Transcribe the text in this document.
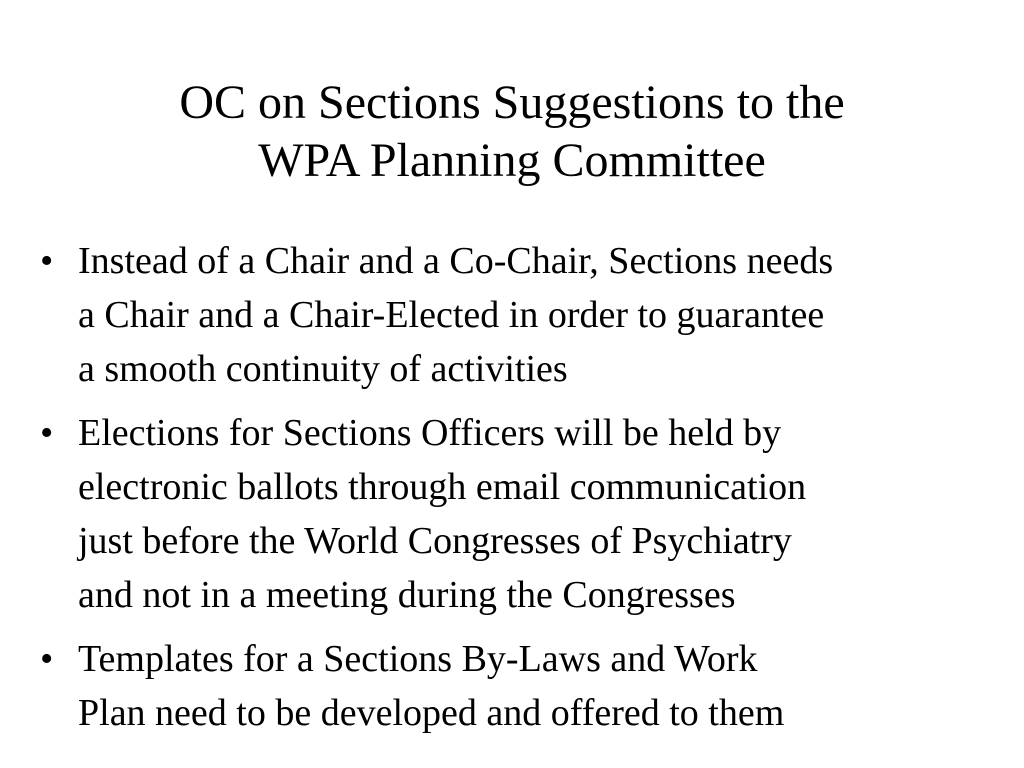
OC on Sections Suggestions to the
WPA Planning Committee
• Instead of a Chair and a Co-Chair, Sections needs
a Chair and a Chair-Elected in order to guarantee
a smooth continuity of activities
• Elections for Sections Officers will be held by
electronic ballots through email communication
just before the World Congresses of Psychiatry
and not in a meeting during the Congresses
• Templates for a Sections By-Laws and Work
Plan need to be developed and offered to them
